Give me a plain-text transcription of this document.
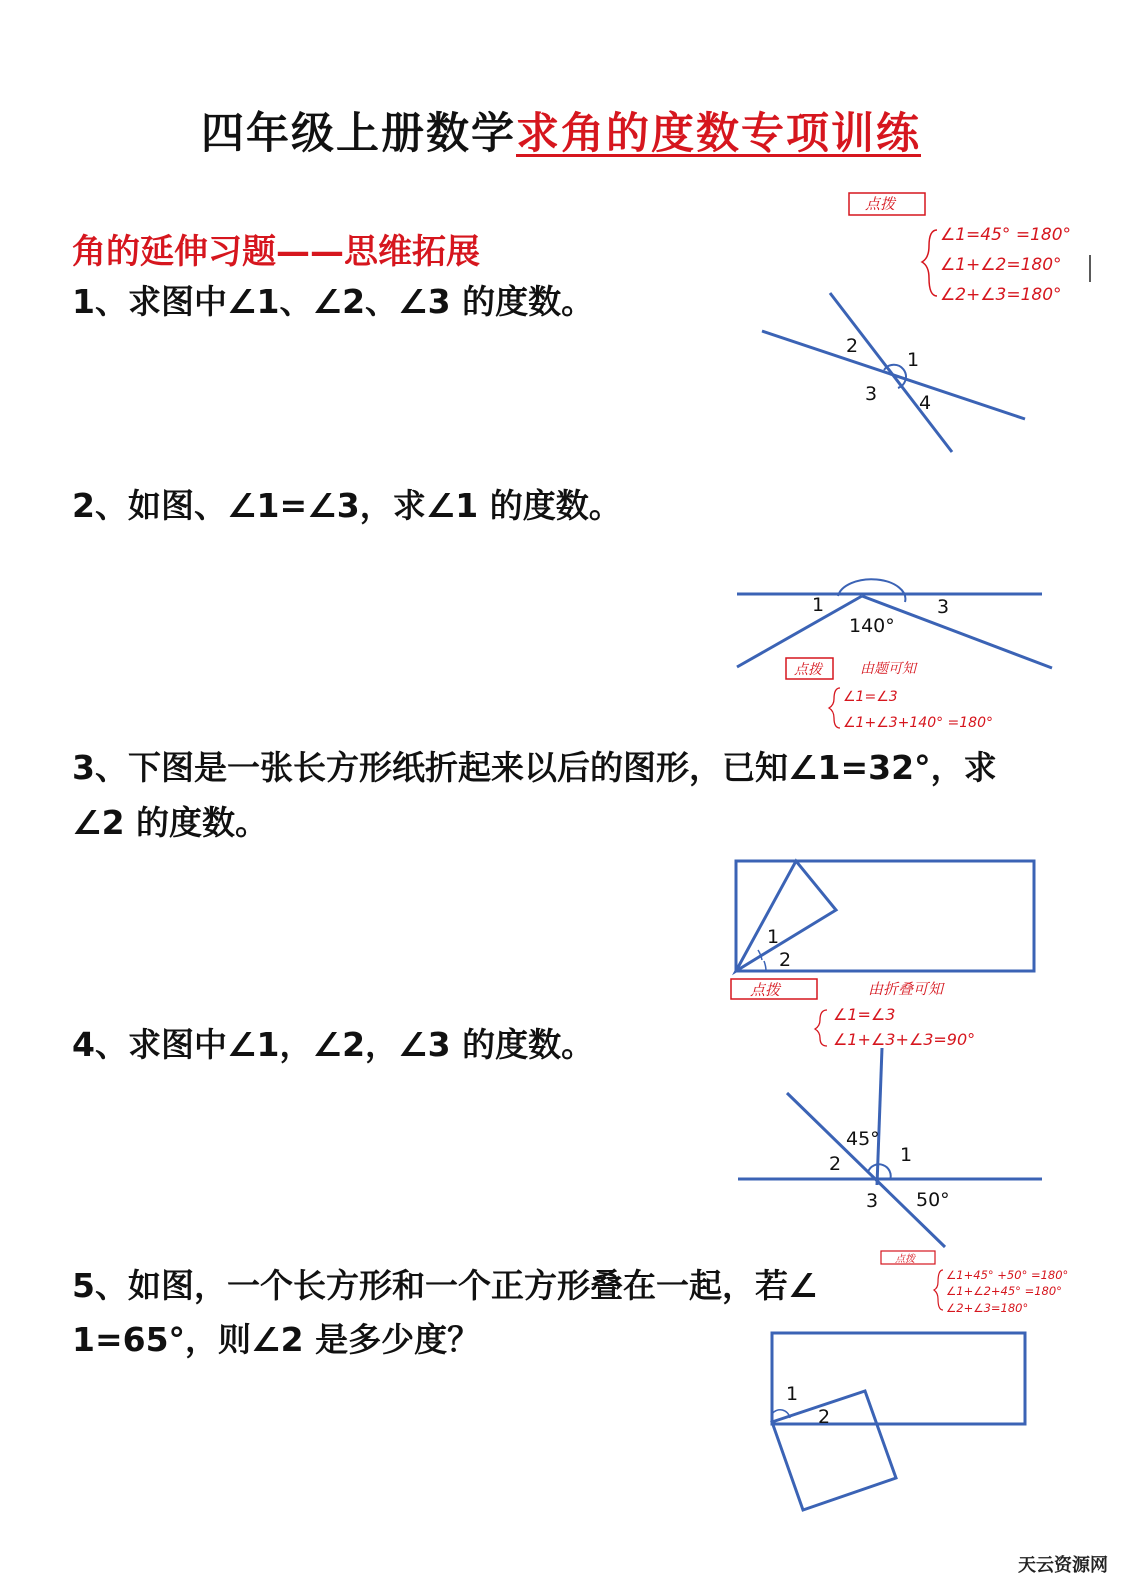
四年级上册数学求角的度数专项训练
角的延伸习题——思维拓展
1、求图中∠1、∠2、∠3 的度数。
2、如图、∠1=∠3，求∠1 的度数。
3、下图是一张长方形纸折起来以后的图形，已知∠1=32°，求
∠2 的度数。
4、求图中∠1，∠2，∠3 的度数。
5、如图，一个长方形和一个正方形叠在一起，若∠
1=65°，则∠2 是多少度？
点拨
∠1=45° =180°
∠1+∠2=180°
∠2+∠3=180°
2
1
3 4
1	3
140°
点拨	由题可知
∠1=∠3
∠1+∠3+140° =180°
1
2
点拨	由折叠可知
∠1=∠3
∠1+∠3+∠3=90°
45°
2	1
3 50°
点拨
∠1+45° +50° =180°
∠1+∠2+45° =180°
∠2+∠3=180°
1
2
天云资源网
